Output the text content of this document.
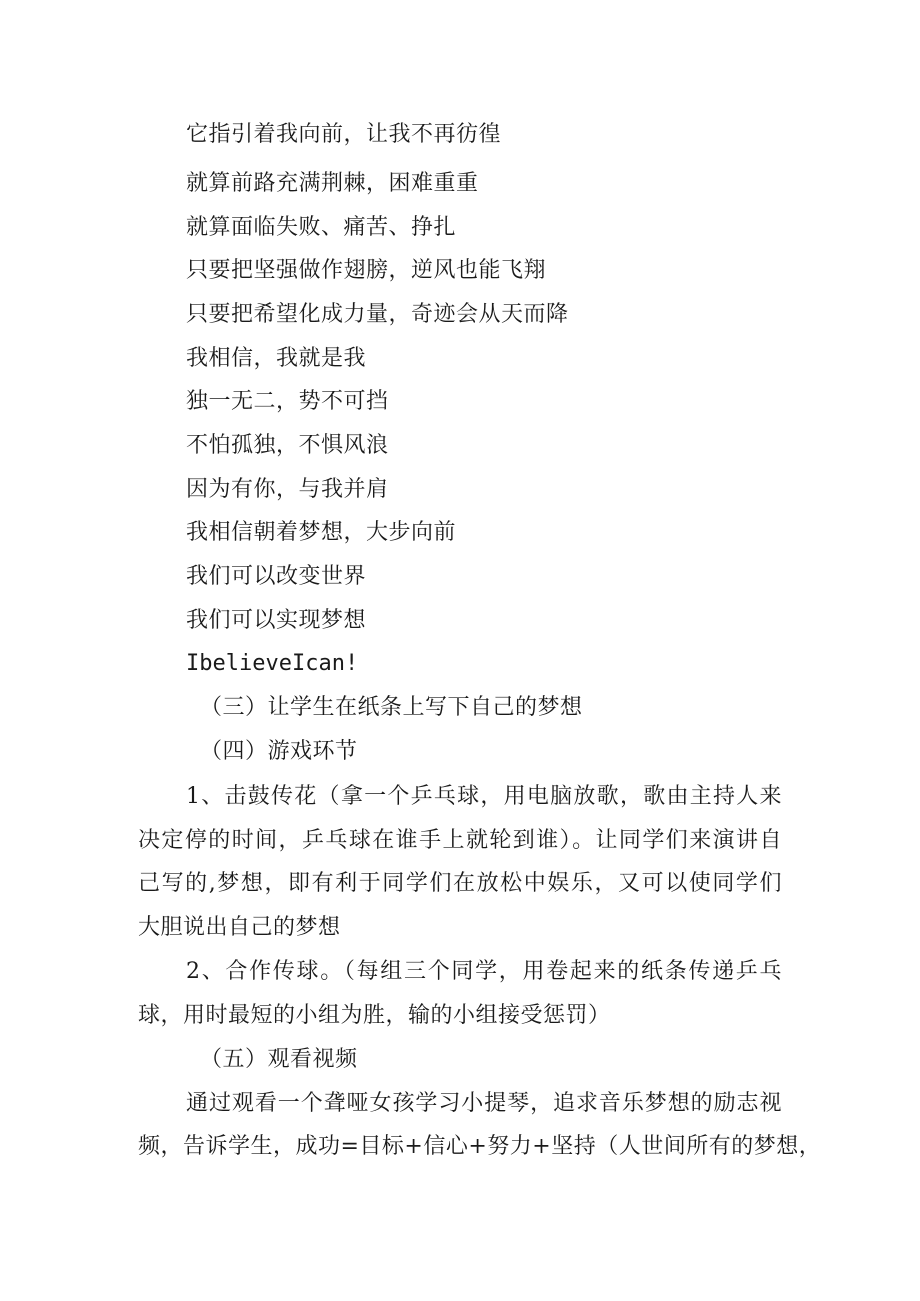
它指引着我向前，让我不再彷徨
就算前路充满荆棘，困难重重
就算面临失败、痛苦、挣扎
只要把坚强做作翅膀，逆风也能飞翔
只要把希望化成力量，奇迹会从天而降
我相信，我就是我
独一无二，势不可挡
不怕孤独，不惧风浪
因为有你，与我并肩
我相信朝着梦想，大步向前
我们可以改变世界
我们可以实现梦想
IbelieveIcan!
（三）让学生在纸条上写下自己的梦想
（四）游戏环节
1、击鼓传花（拿一个乒乓球，用电脑放歌，歌由主持人来
决定停的时间，乒乓球在谁手上就轮到谁）。让同学们来演讲自
己写的,梦想，即有利于同学们在放松中娱乐，又可以使同学们
大胆说出自己的梦想
2、合作传球。（每组三个同学，用卷起来的纸条传递乒乓
球，用时最短的小组为胜，输的小组接受惩罚）
（五）观看视频
通过观看一个聋哑女孩学习小提琴，追求音乐梦想的励志视
频，告诉学生，成功=目标+信心+努力+坚持（人世间所有的梦想，
